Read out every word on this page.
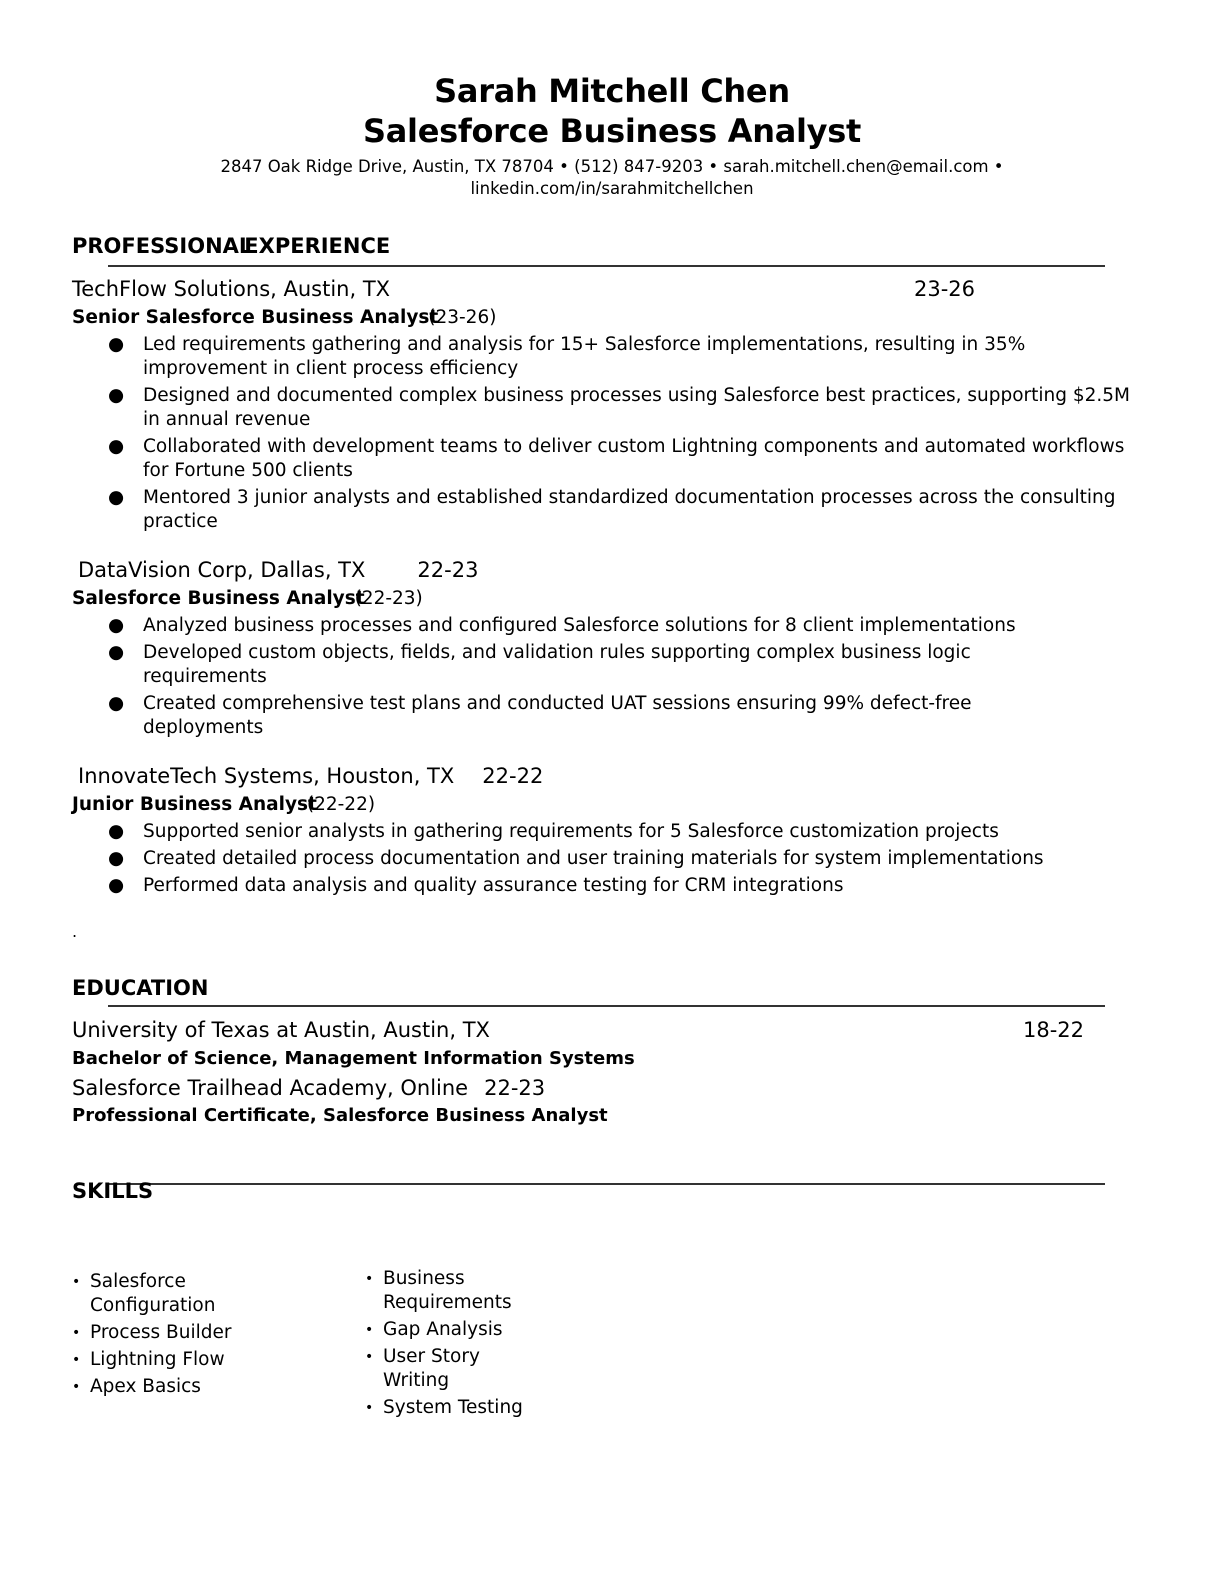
Sarah Mitchell Chen
Salesforce Business Analyst
2847 Oak Ridge Drive, Austin, TX 78704 • (512) 847-9203 • sarah.mitchell.chen@email.com • linkedin.com/in/sarahmitchellchen
PROFESSIONALEXPERIENCE
TechFlow Solutions, Austin, TX	23-26
Senior Salesforce Business Analyst(23-26)
● Led requirements gathering and analysis for 15+ Salesforce implementations, resulting in 35% improvement in client process efficiency
● Designed and documented complex business processes using Salesforce best practices, supporting $2.5M in annual revenue
● Collaborated with development teams to deliver custom Lightning components and automated workflows for Fortune 500 clients
● Mentored 3 junior analysts and established standardized documentation processes across the consulting practice
DataVision Corp, Dallas, TX 22-23
Salesforce Business Analyst(22-23)
● Analyzed business processes and configured Salesforce solutions for 8 client implementations
● Developed custom objects, fields, and validation rules supporting complex business logic requirements
● Created comprehensive test plans and conducted UAT sessions ensuring 99% defect-free deployments
InnovateTech Systems, Houston, TX 22-22
Junior Business Analyst(22-22)
● Supported senior analysts in gathering requirements for 5 Salesforce customization projects
● Created detailed process documentation and user training materials for system implementations
● Performed data analysis and quality assurance testing for CRM integrations
.
EDUCATION
University of Texas at Austin, Austin, TX	18-22
Bachelor of Science, Management Information Systems
Salesforce Trailhead Academy, Online 22-23
Professional Certificate, Salesforce Business Analyst
SKILLS
• Salesforce Configuration
• Process Builder
• Lightning Flow
• Apex Basics
• Business Requirements
• Gap Analysis
• User Story Writing
• System Testing
